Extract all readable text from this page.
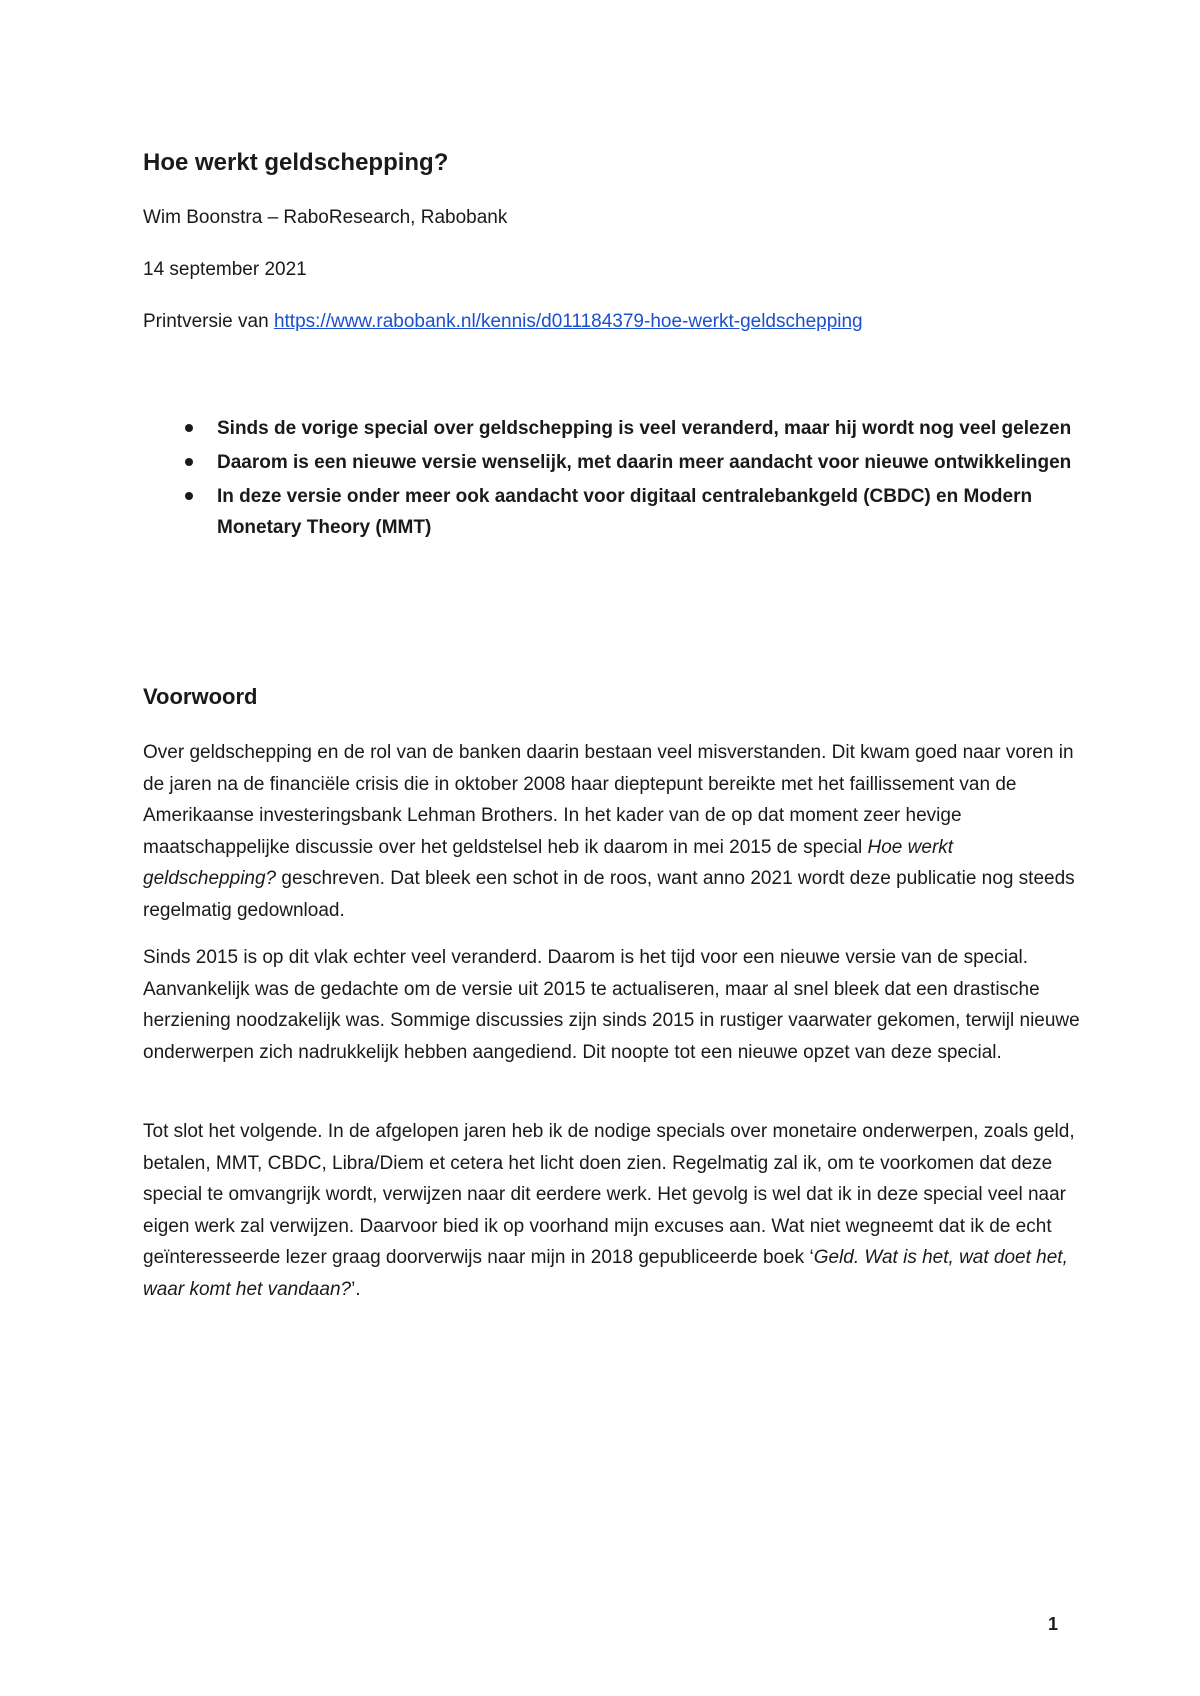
Hoe werkt geldschepping?

Wim Boonstra – RaboResearch, Rabobank

14 september 2021

Printversie van https://www.rabobank.nl/kennis/d011184379-hoe-werkt-geldschepping

Sinds de vorige special over geldschepping is veel veranderd, maar hij wordt nog veel gelezen
Daarom is een nieuwe versie wenselijk, met daarin meer aandacht voor nieuwe ontwikkelingen
In deze versie onder meer ook aandacht voor digitaal centralebankgeld (CBDC) en Modern Monetary Theory (MMT)
Voorwoord

Over geldschepping en de rol van de banken daarin bestaan veel misverstanden. Dit kwam goed naar voren in de jaren na de financiële crisis die in oktober 2008 haar dieptepunt bereikte met het faillissement van de Amerikaanse investeringsbank Lehman Brothers. In het kader van de op dat moment zeer hevige maatschappelijke discussie over het geldstelsel heb ik daarom in mei 2015 de special Hoe werkt geldschepping? geschreven. Dat bleek een schot in de roos, want anno 2021 wordt deze publicatie nog steeds regelmatig gedownload.

Sinds 2015 is op dit vlak echter veel veranderd. Daarom is het tijd voor een nieuwe versie van de special. Aanvankelijk was de gedachte om de versie uit 2015 te actualiseren, maar al snel bleek dat een drastische herziening noodzakelijk was. Sommige discussies zijn sinds 2015 in rustiger vaarwater gekomen, terwijl nieuwe onderwerpen zich nadrukkelijk hebben aangediend. Dit noopte tot een nieuwe opzet van deze special.

Tot slot het volgende. In de afgelopen jaren heb ik de nodige specials over monetaire onderwerpen, zoals geld, betalen, MMT, CBDC, Libra/Diem et cetera het licht doen zien. Regelmatig zal ik, om te voorkomen dat deze special te omvangrijk wordt, verwijzen naar dit eerdere werk. Het gevolg is wel dat ik in deze special veel naar eigen werk zal verwijzen. Daarvoor bied ik op voorhand mijn excuses aan. Wat niet wegneemt dat ik de echt geïnteresseerde lezer graag doorverwijs naar mijn in 2018 gepubliceerde boek ‘Geld. Wat is het, wat doet het, waar komt het vandaan?’.

1
